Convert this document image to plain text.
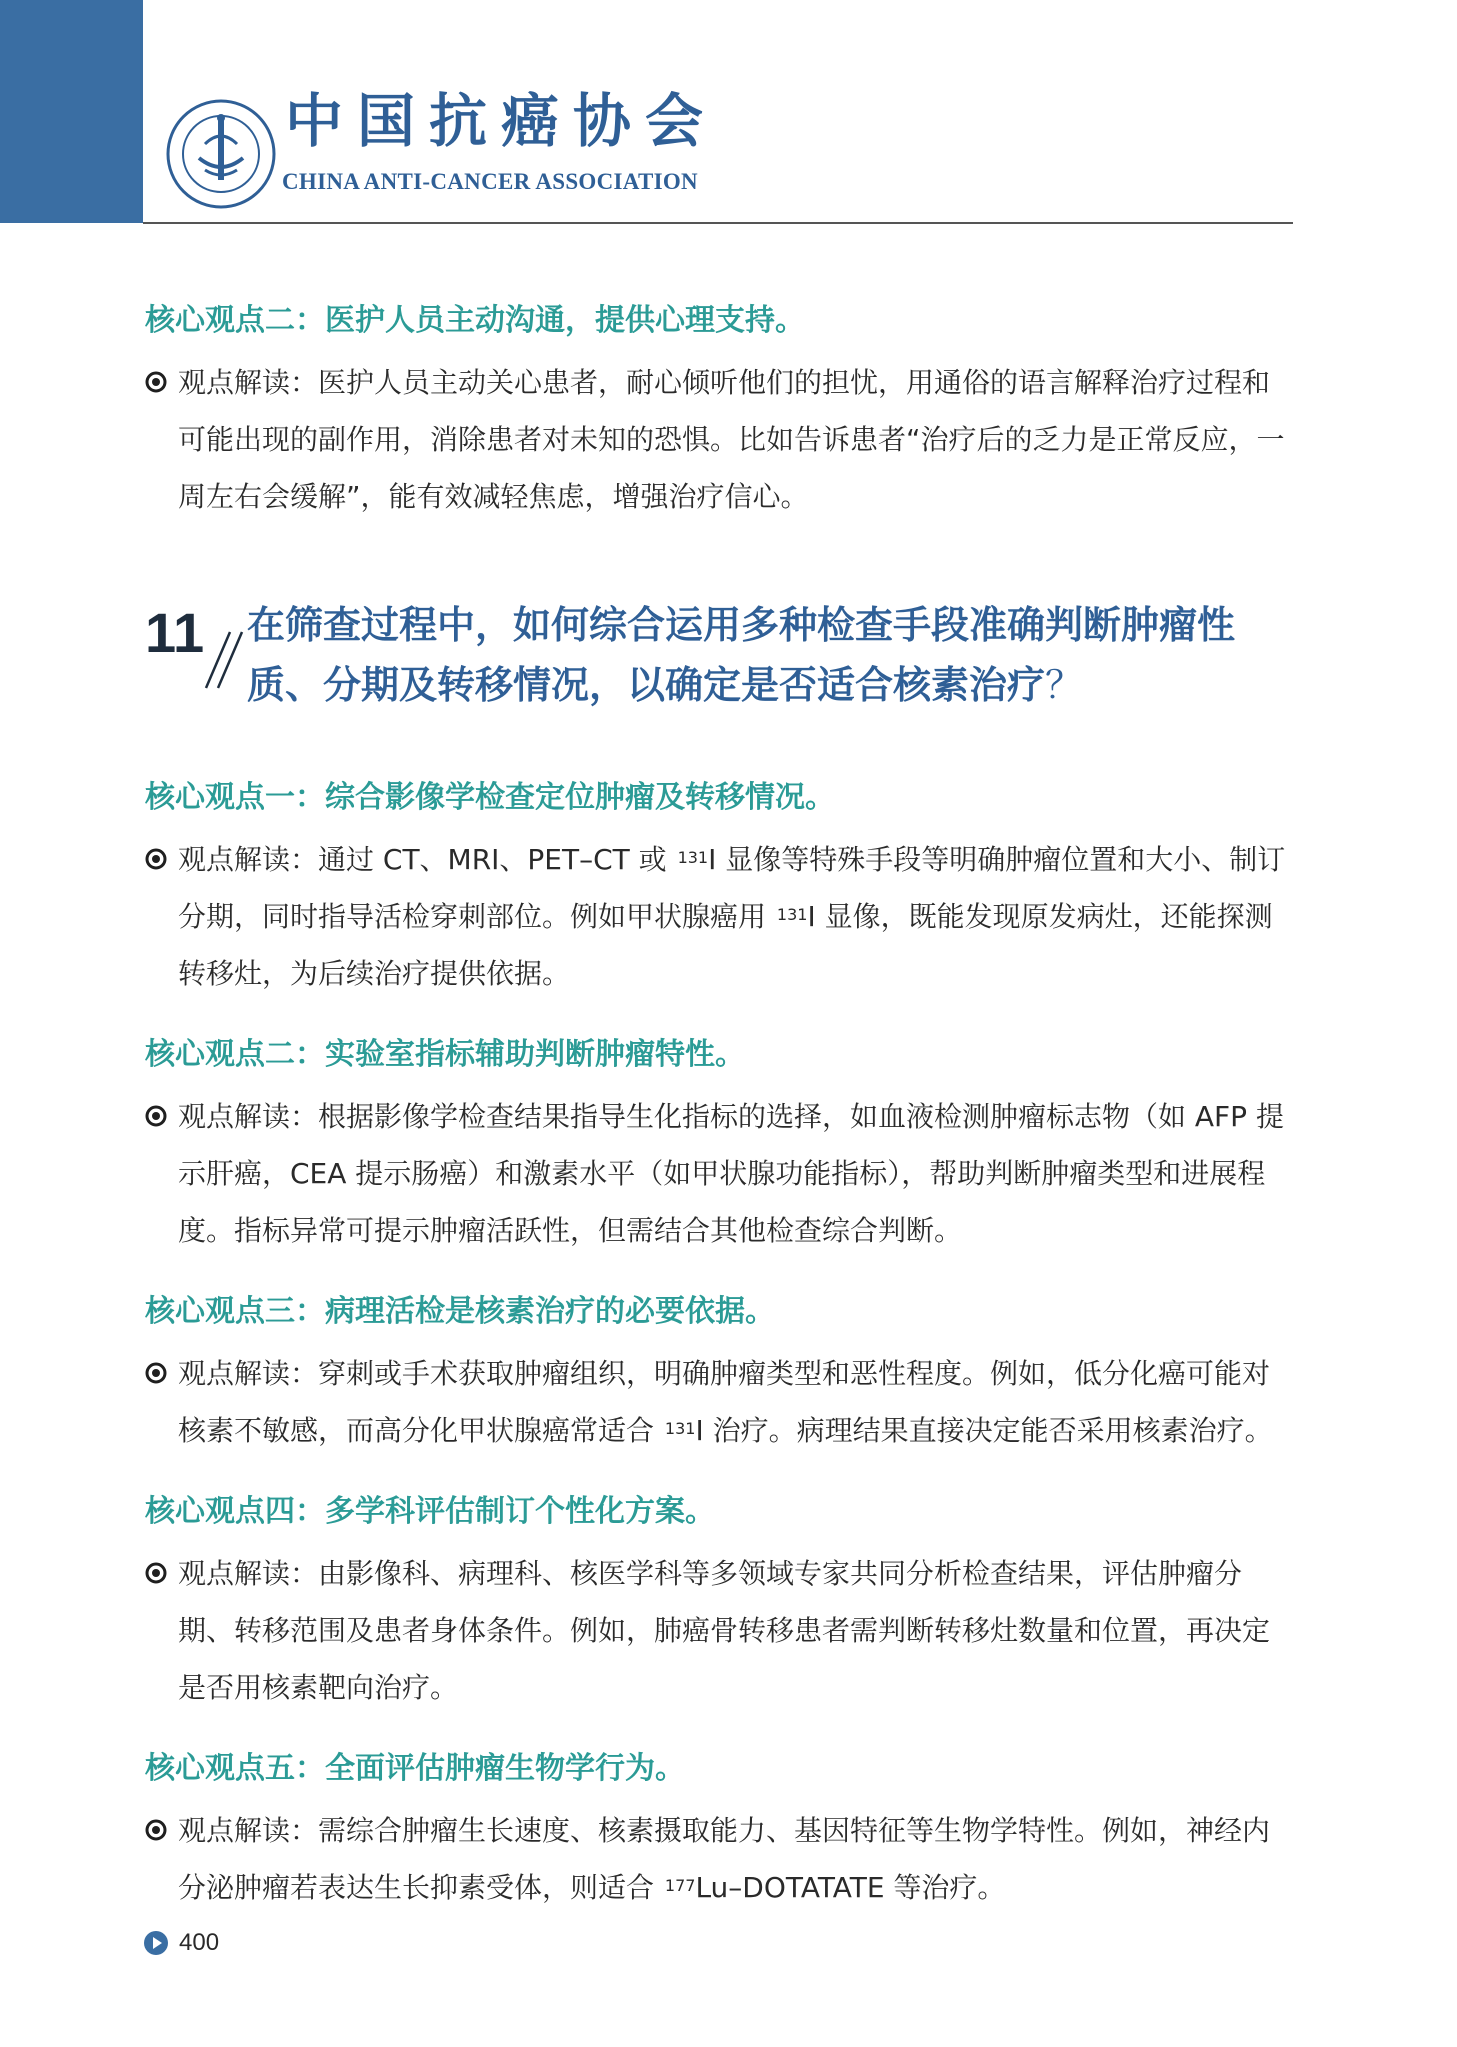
中国抗癌协会
CHINA ANTI-CANCER ASSOCIATION

核心观点二：医护人员主动沟通，提供心理支持。

观点解读：医护人员主动关心患者，耐心倾听他们的担忧，用通俗的语言解释治疗过程和可能出现的副作用，消除患者对未知的恐惧。比如告诉患者“治疗后的乏力是正常反应，一周左右会缓解”，能有效减轻焦虑，增强治疗信心。
11 在筛查过程中，如何综合运用多种检查手段准确判断肿瘤性质、分期及转移情况，以确定是否适合核素治疗？

核心观点一：综合影像学检查定位肿瘤及转移情况。

观点解读：通过 CT、MRI、PET–CT 或 $^{131}$I 显像等特殊手段等明确肿瘤位置和大小、制订分期，同时指导活检穿刺部位。例如甲状腺癌用 $^{131}$I 显像，既能发现原发病灶，还能探测转移灶，为后续治疗提供依据。

核心观点二：实验室指标辅助判断肿瘤特性。

观点解读：根据影像学检查结果指导生化指标的选择，如血液检测肿瘤标志物（如 AFP 提示肝癌，CEA 提示肠癌）和激素水平（如甲状腺功能指标），帮助判断肿瘤类型和进展程度。指标异常可提示肿瘤活跃性，但需结合其他检查综合判断。

核心观点三：病理活检是核素治疗的必要依据。

观点解读：穿刺或手术获取肿瘤组织，明确肿瘤类型和恶性程度。例如，低分化癌可能对核素不敏感，而高分化甲状腺癌常适合 $^{131}$I 治疗。病理结果直接决定能否采用核素治疗。

核心观点四：多学科评估制订个性化方案。

观点解读：由影像科、病理科、核医学科等多领域专家共同分析检查结果，评估肿瘤分期、转移范围及患者身体条件。例如，肺癌骨转移患者需判断转移灶数量和位置，再决定是否用核素靶向治疗。

核心观点五：全面评估肿瘤生物学行为。

观点解读：需综合肿瘤生长速度、核素摄取能力、基因特征等生物学特性。例如，神经内分泌肿瘤若表达生长抑素受体，则适合 $^{177}$Lu–DOTATATE 等治疗。
400
